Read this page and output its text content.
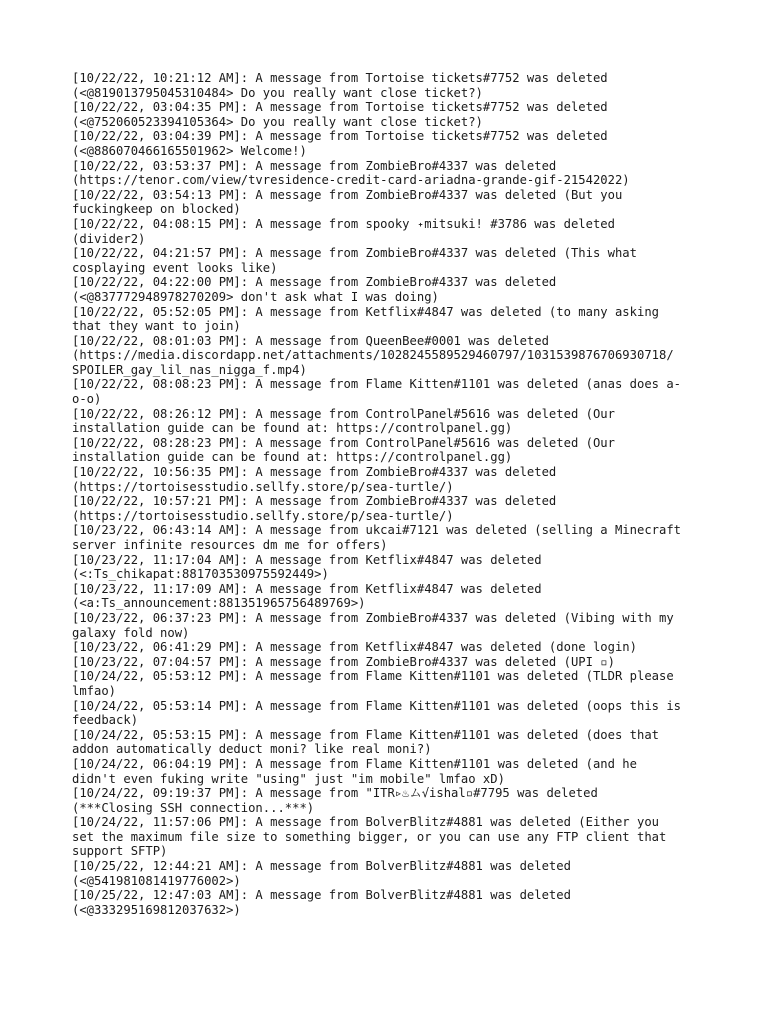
[10/22/22, 10:21:12 AM]: A message from Tortoise tickets#7752 was deleted
(<@819013795045310484> Do you really want close ticket?)

[10/22/22, 03:04:35 PM]: A message from Tortoise tickets#7752 was deleted
(<@752060523394105364> Do you really want close ticket?)

[10/22/22, 03:04:39 PM]: A message from Tortoise tickets#7752 was deleted
(<@886070466165501962> Welcome!)

[10/22/22, 03:53:37 PM]: A message from ZombieBro#4337 was deleted
(https://tenor.com/view/tvresidence-credit-card-ariadna-grande-gif-21542022)

[10/22/22, 03:54:13 PM]: A message from ZombieBro#4337 was deleted (But you
fuckingkeep on blocked)

[10/22/22, 04:08:15 PM]: A message from spooky ˖mitsuki! #3786 was deleted
(divider2)

[10/22/22, 04:21:57 PM]: A message from ZombieBro#4337 was deleted (This what
cosplaying event looks like)

[10/22/22, 04:22:00 PM]: A message from ZombieBro#4337 was deleted
(<@837772948978270209> don't ask what I was doing)

[10/22/22, 05:52:05 PM]: A message from Ketflix#4847 was deleted (to many asking
that they want to join)

[10/22/22, 08:01:03 PM]: A message from QueenBee#0001 was deleted
(https://media.discordapp.net/attachments/1028245589529460797/1031539876706930718/
SPOILER_gay_lil_nas_nigga_f.mp4)

[10/22/22, 08:08:23 PM]: A message from Flame Kitten#1101 was deleted (anas does a-
o-o)

[10/22/22, 08:26:12 PM]: A message from ControlPanel#5616 was deleted (Our
installation guide can be found at: https://controlpanel.gg)

[10/22/22, 08:28:23 PM]: A message from ControlPanel#5616 was deleted (Our
installation guide can be found at: https://controlpanel.gg)

[10/22/22, 10:56:35 PM]: A message from ZombieBro#4337 was deleted
(https://tortoisesstudio.sellfy.store/p/sea-turtle/)

[10/22/22, 10:57:21 PM]: A message from ZombieBro#4337 was deleted
(https://tortoisesstudio.sellfy.store/p/sea-turtle/)

[10/23/22, 06:43:14 AM]: A message from ukcai#7121 was deleted (selling a Minecraft
server infinite resources dm me for offers)

[10/23/22, 11:17:04 AM]: A message from Ketflix#4847 was deleted
(<:Ts_chikapat:881703530975592449>)

[10/23/22, 11:17:09 AM]: A message from Ketflix#4847 was deleted
(<a:Ts_announcement:881351965756489769>)

[10/23/22, 06:37:23 PM]: A message from ZombieBro#4337 was deleted (Vibing with my
galaxy fold now)

[10/23/22, 06:41:29 PM]: A message from Ketflix#4847 was deleted (done login)

[10/23/22, 07:04:57 PM]: A message from ZombieBro#4337 was deleted (UPI ▫)

[10/24/22, 05:53:12 PM]: A message from Flame Kitten#1101 was deleted (TLDR please
lmfao)

[10/24/22, 05:53:14 PM]: A message from Flame Kitten#1101 was deleted (oops this is
feedback)

[10/24/22, 05:53:15 PM]: A message from Flame Kitten#1101 was deleted (does that
addon automatically deduct moni? like real moni?)

[10/24/22, 06:04:19 PM]: A message from Flame Kitten#1101 was deleted (and he
didn't even fuking write "using" just "im mobile" lmfao xD)

[10/24/22, 09:19:37 PM]: A message from "ITR▹♨ム√ishal▫#7795 was deleted
(***Closing SSH connection...***)

[10/24/22, 11:57:06 PM]: A message from BolverBlitz#4881 was deleted (Either you
set the maximum file size to something bigger, or you can use any FTP client that
support SFTP)

[10/25/22, 12:44:21 AM]: A message from BolverBlitz#4881 was deleted
(<@541981081419776002>)

[10/25/22, 12:47:03 AM]: A message from BolverBlitz#4881 was deleted
(<@333295169812037632>)
